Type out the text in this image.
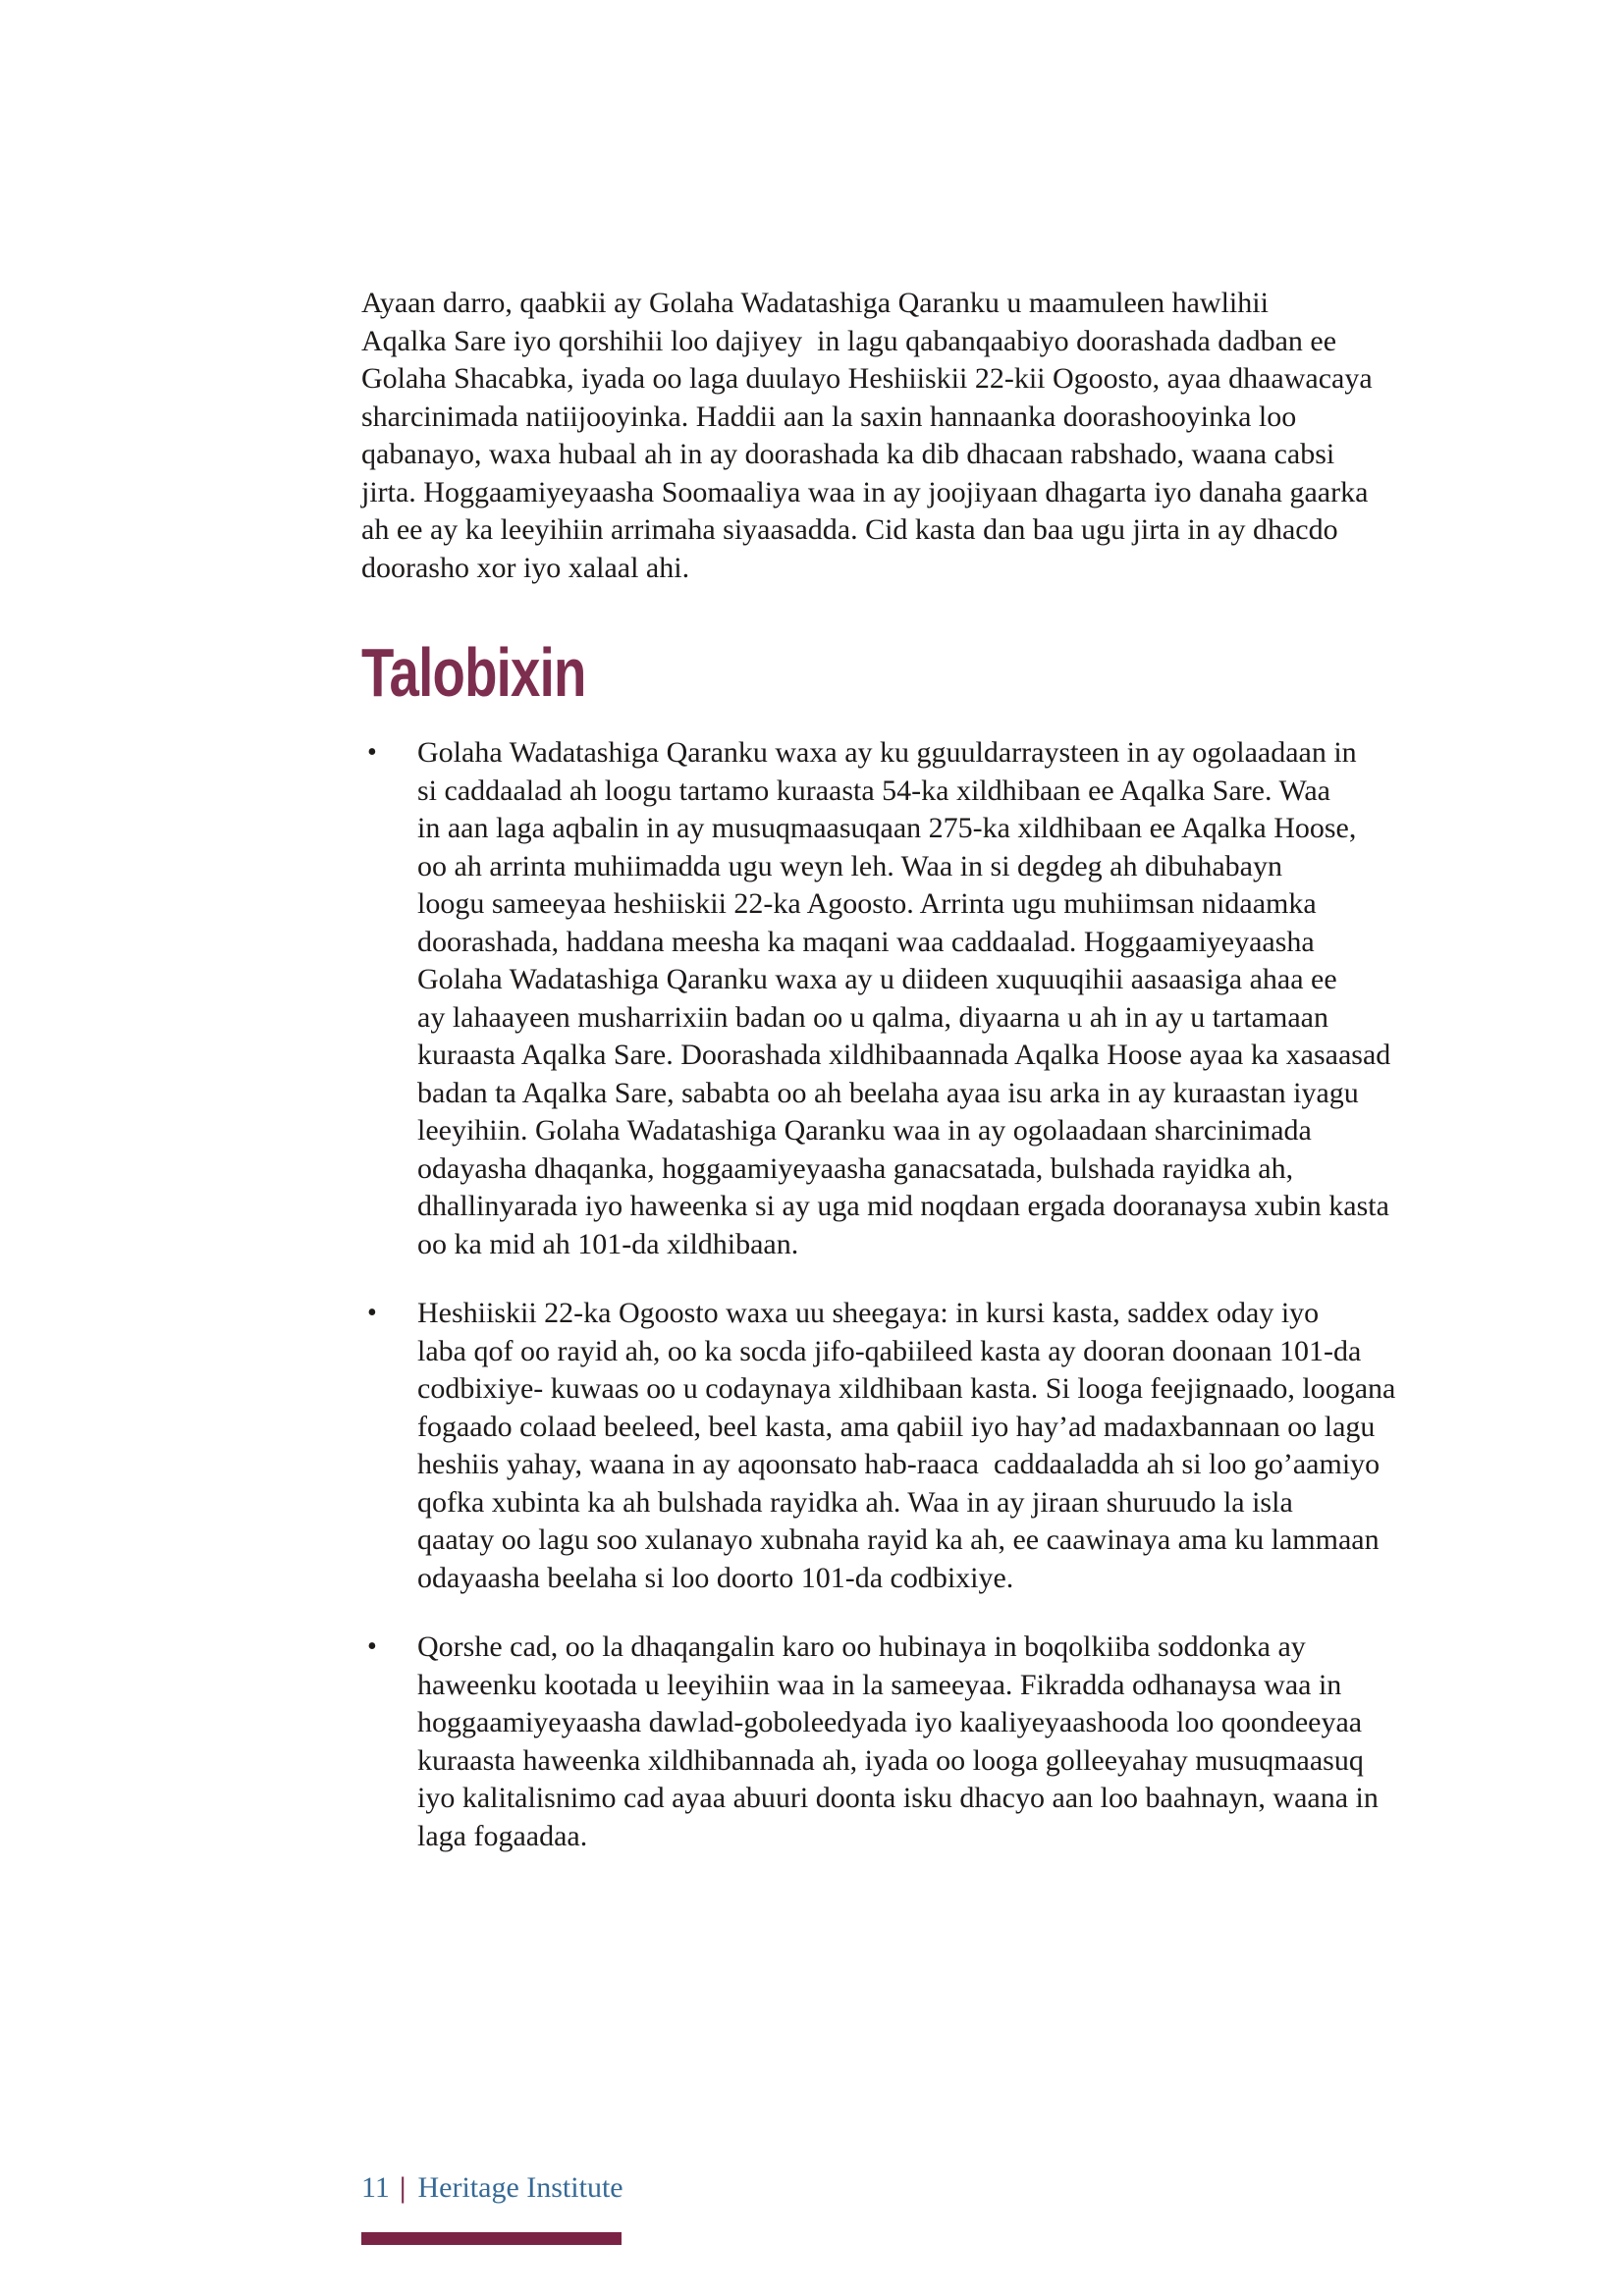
Ayaan darro, qaabkii ay Golaha Wadatashiga Qaranku u maamuleen hawlihii
Aqalka Sare iyo qorshihii loo dajiyey  in lagu qabanqaabiyo doorashada dadban ee
Golaha Shacabka, iyada oo laga duulayo Heshiiskii 22-kii Ogoosto, ayaa dhaawacaya
sharcinimada natiijooyinka. Haddii aan la saxin hannaanka doorashooyinka loo
qabanayo, waxa hubaal ah in ay doorashada ka dib dhacaan rabshado, waana cabsi
jirta. Hoggaamiyeyaasha Soomaaliya waa in ay joojiyaan dhagarta iyo danaha gaarka
ah ee ay ka leeyihiin arrimaha siyaasadda. Cid kasta dan baa ugu jirta in ay dhacdo
doorasho xor iyo xalaal ahi.
Talobixin
•	Golaha Wadatashiga Qaranku waxa ay ku gguuldarraysteen in ay ogolaadaan in
si caddaalad ah loogu tartamo kuraasta 54-ka xildhibaan ee Aqalka Sare. Waa
in aan laga aqbalin in ay musuqmaasuqaan 275-ka xildhibaan ee Aqalka Hoose,
oo ah arrinta muhiimadda ugu weyn leh. Waa in si degdeg ah dibuhabayn
loogu sameeyaa heshiiskii 22-ka Agoosto. Arrinta ugu muhiimsan nidaamka
doorashada, haddana meesha ka maqani waa caddaalad. Hoggaamiyeyaasha
Golaha Wadatashiga Qaranku waxa ay u diideen xuquuqihii aasaasiga ahaa ee
ay lahaayeen musharrixiin badan oo u qalma, diyaarna u ah in ay u tartamaan
kuraasta Aqalka Sare. Doorashada xildhibaannada Aqalka Hoose ayaa ka xasaasad
badan ta Aqalka Sare, sababta oo ah beelaha ayaa isu arka in ay kuraastan iyagu
leeyihiin. Golaha Wadatashiga Qaranku waa in ay ogolaadaan sharcinimada
odayasha dhaqanka, hoggaamiyeyaasha ganacsatada, bulshada rayidka ah,
dhallinyarada iyo haweenka si ay uga mid noqdaan ergada dooranaysa xubin kasta
oo ka mid ah 101-da xildhibaan.
•	Heshiiskii 22-ka Ogoosto waxa uu sheegaya: in kursi kasta, saddex oday iyo
laba qof oo rayid ah, oo ka socda jifo-qabiileed kasta ay dooran doonaan 101-da
codbixiye- kuwaas oo u codaynaya xildhibaan kasta. Si looga feejignaado, loogana
fogaado colaad beeleed, beel kasta, ama qabiil iyo hay’ad madaxbannaan oo lagu
heshiis yahay, waana in ay aqoonsato hab-raaca  caddaaladda ah si loo go’aamiyo
qofka xubinta ka ah bulshada rayidka ah. Waa in ay jiraan shuruudo la isla
qaatay oo lagu soo xulanayo xubnaha rayid ka ah, ee caawinaya ama ku lammaan
odayaasha beelaha si loo doorto 101-da codbixiye.
•	Qorshe cad, oo la dhaqangalin karo oo hubinaya in boqolkiiba soddonka ay
haweenku kootada u leeyihiin waa in la sameeyaa. Fikradda odhanaysa waa in
hoggaamiyeyaasha dawlad-goboleedyada iyo kaaliyeyaashooda loo qoondeeyaa
kuraasta haweenka xildhibannada ah, iyada oo looga golleeyahay musuqmaasuq
iyo kalitalisnimo cad ayaa abuuri doonta isku dhacyo aan loo baahnayn, waana in
laga fogaadaa.
11 | Heritage Institute
